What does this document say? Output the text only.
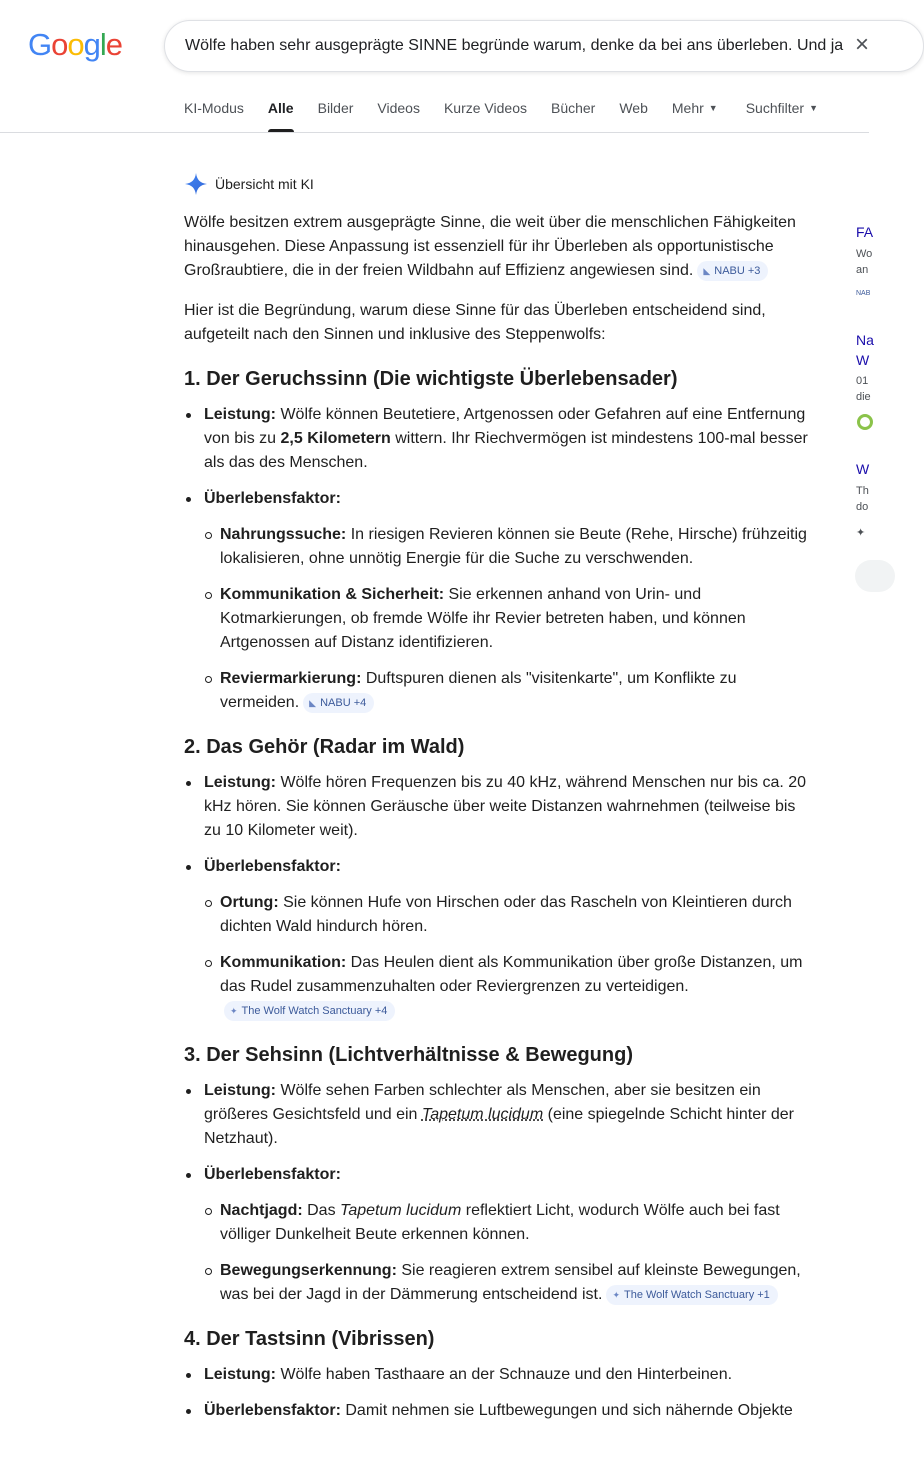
Google	Wölfe haben sehr ausgeprägte SINNE begründe warum, denke da bei ans überleben. Und ja ×
KI-Modus Alle Bilder Videos Kurze Videos Bücher Web Mehr ▼ Suchfilter ▼
Übersicht mit KI

Wölfe besitzen extrem ausgeprägte Sinne, die weit über die menschlichen Fähigkeiten hinausgehen. Diese Anpassung ist essenziell für ihr Überleben als opportunistische Großraubtiere, die in der freien Wildbahn auf Effizienz angewiesen sind. ◣ NABU +3

Hier ist die Begründung, warum diese Sinne für das Überleben entscheidend sind, aufgeteilt nach den Sinnen und inklusive des Steppenwolfs:

1. Der Geruchssinn (Die wichtigste Überlebensader)
Leistung: Wölfe können Beutetiere, Artgenossen oder Gefahren auf eine Entfernung von bis zu 2,5 Kilometern wittern. Ihr Riechvermögen ist mindestens 100-mal besser als das des Menschen.
Überlebensfaktor:
Nahrungssuche: In riesigen Revieren können sie Beute (Rehe, Hirsche) frühzeitig lokalisieren, ohne unnötig Energie für die Suche zu verschwenden.
Kommunikation & Sicherheit: Sie erkennen anhand von Urin- und Kotmarkierungen, ob fremde Wölfe ihr Revier betreten haben, und können Artgenossen auf Distanz identifizieren.
Reviermarkierung: Duftspuren dienen als "visitenkarte", um Konflikte zu vermeiden. ◣ NABU +4
2. Das Gehör (Radar im Wald)
Leistung: Wölfe hören Frequenzen bis zu 40 kHz, während Menschen nur bis ca. 20 kHz hören. Sie können Geräusche über weite Distanzen wahrnehmen (teilweise bis zu 10 Kilometer weit).
Überlebensfaktor:
Ortung: Sie können Hufe von Hirschen oder das Rascheln von Kleintieren durch dichten Wald hindurch hören.
Kommunikation: Das Heulen dient als Kommunikation über große Distanzen, um das Rudel zusammenzuhalten oder Reviergrenzen zu verteidigen.
✦ The Wolf Watch Sanctuary +4
3. Der Sehsinn (Lichtverhältnisse & Bewegung)
Leistung: Wölfe sehen Farben schlechter als Menschen, aber sie besitzen ein größeres Gesichtsfeld und ein Tapetum lucidum (eine spiegelnde Schicht hinter der Netzhaut).
Überlebensfaktor:
Nachtjagd: Das Tapetum lucidum reflektiert Licht, wodurch Wölfe auch bei fast völliger Dunkelheit Beute erkennen können.
Bewegungserkennung: Sie reagieren extrem sensibel auf kleinste Bewegungen, was bei der Jagd in der Dämmerung entscheidend ist. ✦ The Wolf Watch Sanctuary +1
4. Der Tastsinn (Vibrissen)
Leistung: Wölfe haben Tasthaare an der Schnauze und den Hinterbeinen.
Überlebensfaktor: Damit nehmen sie Luftbewegungen und sich nähernde Objekte
FA
Wo
an
NAB
Na
W
01
die
W
Th
do
✦
